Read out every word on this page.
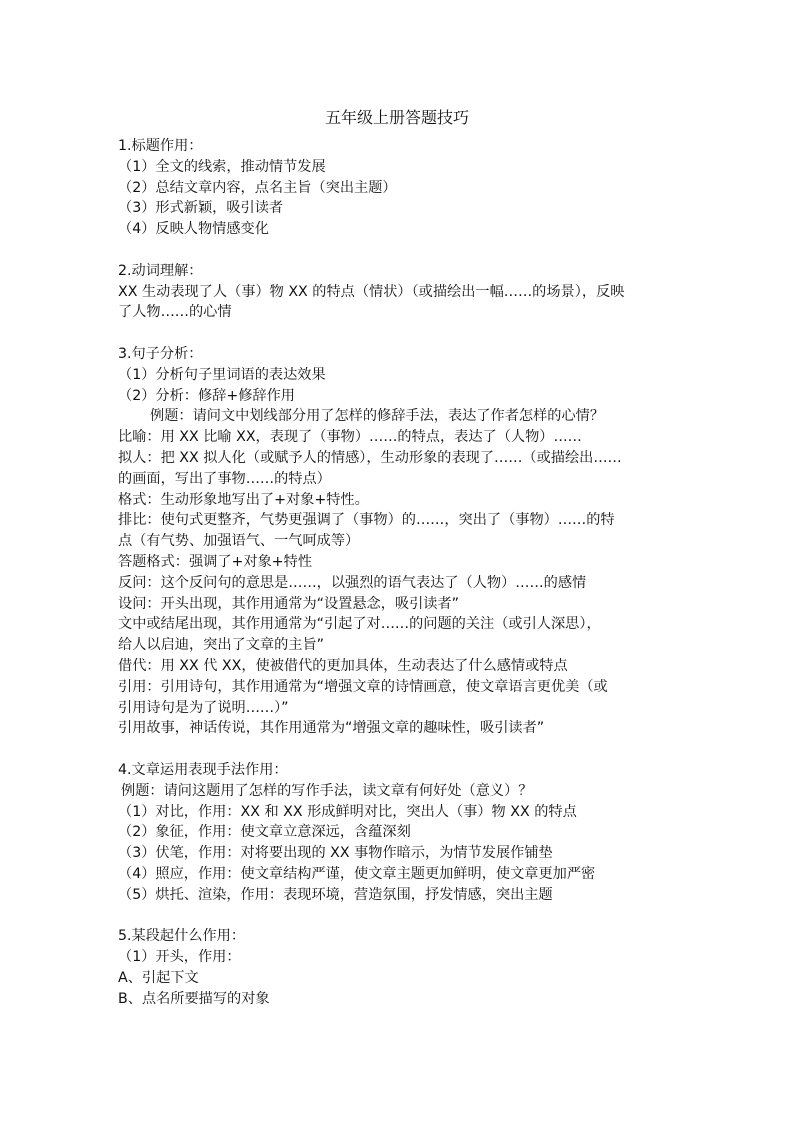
五年级上册答题技巧
1.标题作用：
（1）全文的线索，推动情节发展
（2）总结文章内容，点名主旨（突出主题）
（3）形式新颖，吸引读者
（4）反映人物情感变化
2.动词理解：
XX 生动表现了人（事）物 XX 的特点（情状）（或描绘出一幅……的场景），反映
了人物……的心情
3.句子分析：
（1）分析句子里词语的表达效果
（2）分析：修辞+修辞作用
例题：请问文中划线部分用了怎样的修辞手法，表达了作者怎样的心情？
比喻：用 XX 比喻 XX，表现了（事物）……的特点，表达了（人物）……
拟人：把 XX 拟人化（或赋予人的情感），生动形象的表现了……（或描绘出……
的画面，写出了事物……的特点）
格式：生动形象地写出了+对象+特性。
排比：使句式更整齐，气势更强调了（事物）的……，突出了（事物）……的特
点（有气势、加强语气、一气呵成等）
答题格式：强调了+对象+特性
反问：这个反问句的意思是……，以强烈的语气表达了（人物）……的感情
设问：开头出现，其作用通常为“设置悬念，吸引读者”
文中或结尾出现，其作用通常为“引起了对……的问题的关注（或引人深思），
给人以启迪，突出了文章的主旨”
借代：用 XX 代 XX，使被借代的更加具体，生动表达了什么感情或特点
引用：引用诗句，其作用通常为“增强文章的诗情画意，使文章语言更优美（或
引用诗句是为了说明……）”
引用故事，神话传说，其作用通常为“增强文章的趣味性，吸引读者”
4.文章运用表现手法作用：
例题：请问这题用了怎样的写作手法，读文章有何好处（意义）？
（1）对比，作用：XX 和 XX 形成鲜明对比，突出人（事）物 XX 的特点
（2）象征，作用：使文章立意深远，含蕴深刻
（3）伏笔，作用：对将要出现的 XX 事物作暗示，为情节发展作铺垫
（4）照应，作用：使文章结构严谨，使文章主题更加鲜明，使文章更加严密
（5）烘托、渲染，作用：表现环境，营造氛围，抒发情感，突出主题
5.某段起什么作用：
（1）开头，作用：
A、引起下文
B、点名所要描写的对象
